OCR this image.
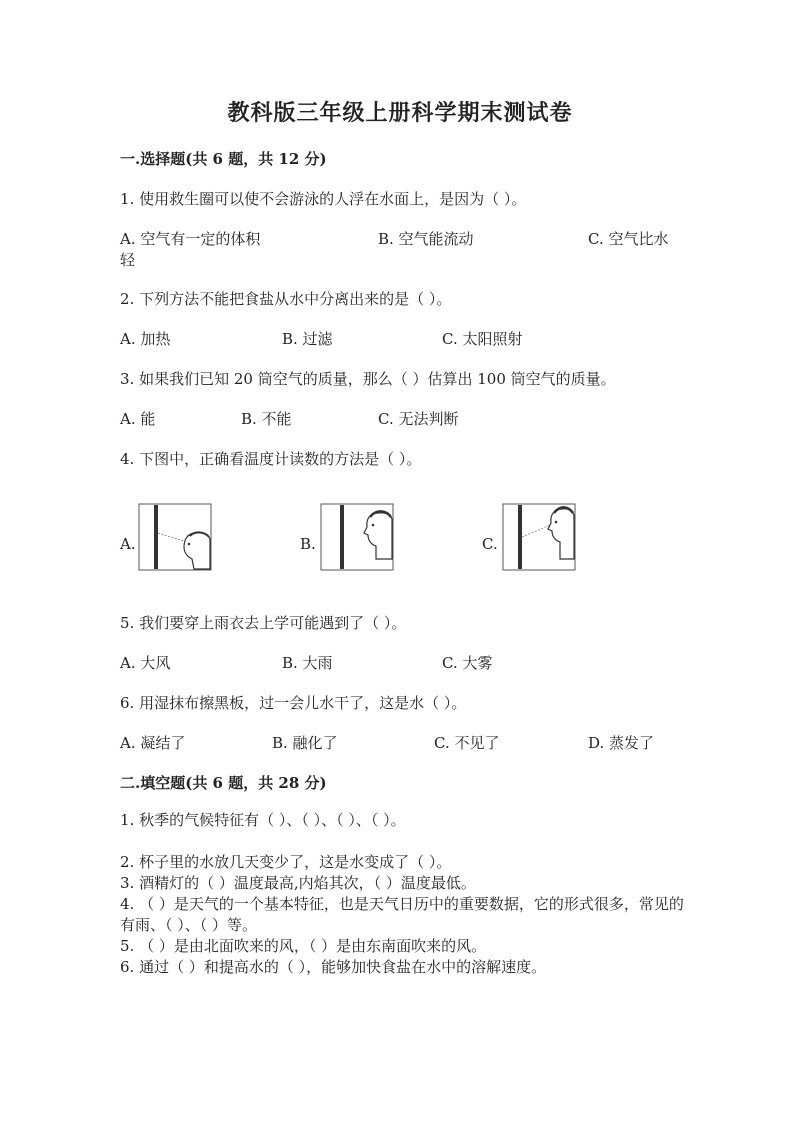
教科版三年级上册科学期末测试卷
一.选择题(共 6 题，共 12 分)
1. 使用救生圈可以使不会游泳的人浮在水面上，是因为（ ）。
A. 空气有一定的体积	B. 空气能流动	C. 空气比水
轻
2. 下列方法不能把食盐从水中分离出来的是（ ）。
A. 加热	B. 过滤	C. 太阳照射
3. 如果我们已知 20 筒空气的质量，那么（ ）估算出 100 筒空气的质量。
A. 能	B. 不能	C. 无法判断
4. 下图中，正确看温度计读数的方法是（ ）。
A.	B.	C.
5. 我们要穿上雨衣去上学可能遇到了（ ）。
A. 大风	B. 大雨	C. 大雾
6. 用湿抹布擦黑板，过一会儿水干了，这是水（ ）。
A. 凝结了	B. 融化了	C. 不见了	D. 蒸发了
二.填空题(共 6 题，共 28 分)
1. 秋季的气候特征有（ ）、（ ）、（ ）、（ ）。
2. 杯子里的水放几天变少了，这是水变成了（ ）。
3. 酒精灯的（ ）温度最高,内焰其次，（ ）温度最低。
4. （ ）是天气的一个基本特征，也是天气日历中的重要数据，它的形式很多，常见的有雨、（ ）、（ ）等。
5. （ ）是由北面吹来的风，（ ）是由东南面吹来的风。
6. 通过（ ）和提高水的（ ），能够加快食盐在水中的溶解速度。
